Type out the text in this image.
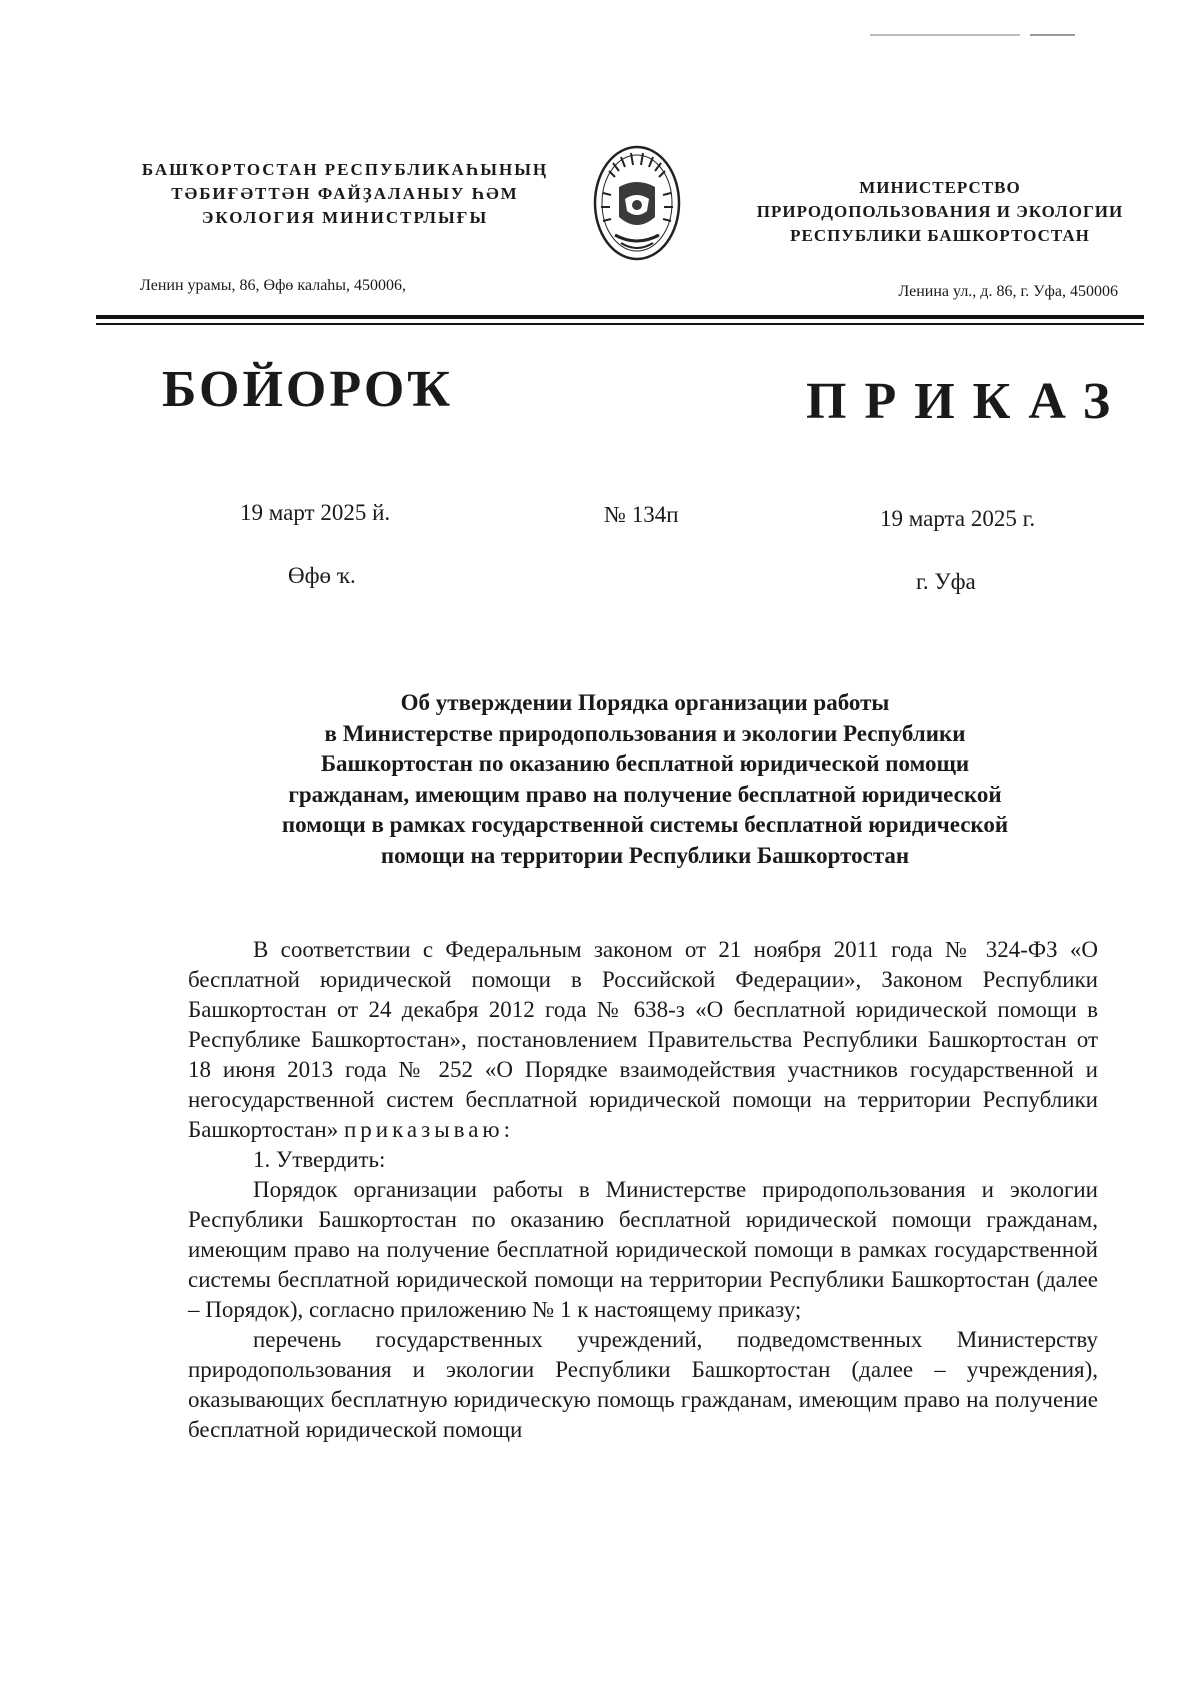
БАШҠОРТОСТАН РЕСПУБЛИКАҺЫНЫҢ
ТӘБИҒӘТТӘН ФАЙҘАЛАНЫУ ҺӘМ
ЭКОЛОГИЯ МИНИСТРЛЫҒЫ
МИНИСТЕРСТВО
ПРИРОДОПОЛЬЗОВАНИЯ И ЭКОЛОГИИ
РЕСПУБЛИКИ БАШКОРТОСТАН
Ленин урамы, 86, Өфө калаһы, 450006,	Ленина ул., д. 86, г. Уфа, 450006
БОЙОРОҠ	ПРИКАЗ
19 март 2025 й.	№ 134п	19 марта 2025 г.
Өфө ҡ.	г. Уфа
Об утверждении Порядка организации работы
в Министерстве природопользования и экологии Республики
Башкортостан по оказанию бесплатной юридической помощи
гражданам, имеющим право на получение бесплатной юридической
помощи в рамках государственной системы бесплатной юридической
помощи на территории Республики Башкортостан

В соответствии с Федеральным законом от 21 ноября 2011 года № 324-ФЗ «О бесплатной юридической помощи в Российской Федерации», Законом Республики Башкортостан от 24 декабря 2012 года № 638-з «О бесплатной юридической помощи в Республике Башкортостан», постановлением Правительства Республики Башкортостан от 18 июня 2013 года № 252 «О Порядке взаимодействия участников государственной и негосударственной систем бесплатной юридической помощи на территории Республики Башкортостан» приказываю:

1. Утвердить:

Порядок организации работы в Министерстве природопользования и экологии Республики Башкортостан по оказанию бесплатной юридической помощи гражданам, имеющим право на получение бесплатной юридической помощи в рамках государственной системы бесплатной юридической помощи на территории Республики Башкортостан (далее – Порядок), согласно приложению № 1 к настоящему приказу;

перечень государственных учреждений, подведомственных Министерству природопользования и экологии Республики Башкортостан (далее – учреждения), оказывающих бесплатную юридическую помощь гражданам, имеющим право на получение бесплатной юридической помощи
